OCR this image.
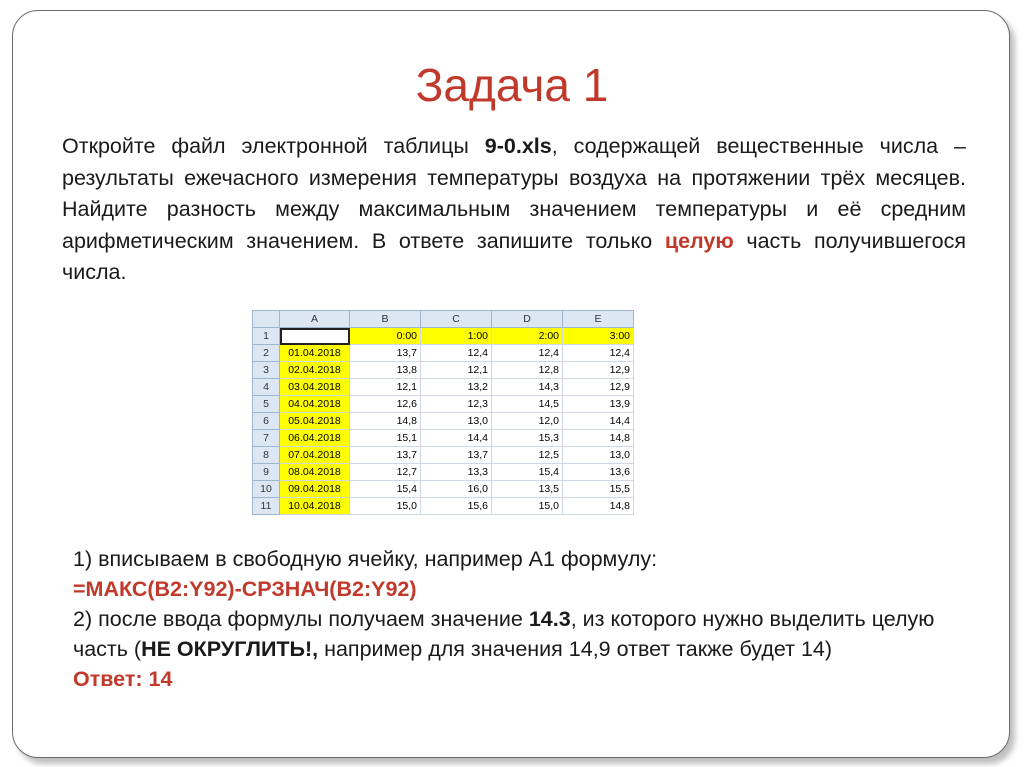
Задача 1
Откройте файл электронной таблицы 9-0.xls, содержащей вещественные числа – результаты ежечасного измерения температуры воздуха на протяжении трёх месяцев. Найдите разность между максимальным значением температуры и её средним арифметическим значением. В ответе запишите только целую часть получившегося числа.
	A	B	C	D	E
1		0:00	1:00	2:00	3:00
2	01.04.2018	13,7	12,4	12,4	12,4
3	02.04.2018	13,8	12,1	12,8	12,9
4	03.04.2018	12,1	13,2	14,3	12,9
5	04.04.2018	12,6	12,3	14,5	13,9
6	05.04.2018	14,8	13,0	12,0	14,4
7	06.04.2018	15,1	14,4	15,3	14,8
8	07.04.2018	13,7	13,7	12,5	13,0
9	08.04.2018	12,7	13,3	15,4	13,6
10	09.04.2018	15,4	16,0	13,5	15,5
11	10.04.2018	15,0	15,6	15,0	14,8
1) вписываем в свободную ячейку, например А1 формулу:
=МАКС(B2:Y92)-СРЗНАЧ(B2:Y92)
2) после ввода формулы получаем значение 14.3, из которого нужно выделить целую часть (НЕ ОКРУГЛИТЬ!, например для значения 14,9 ответ также будет 14)
Ответ: 14
